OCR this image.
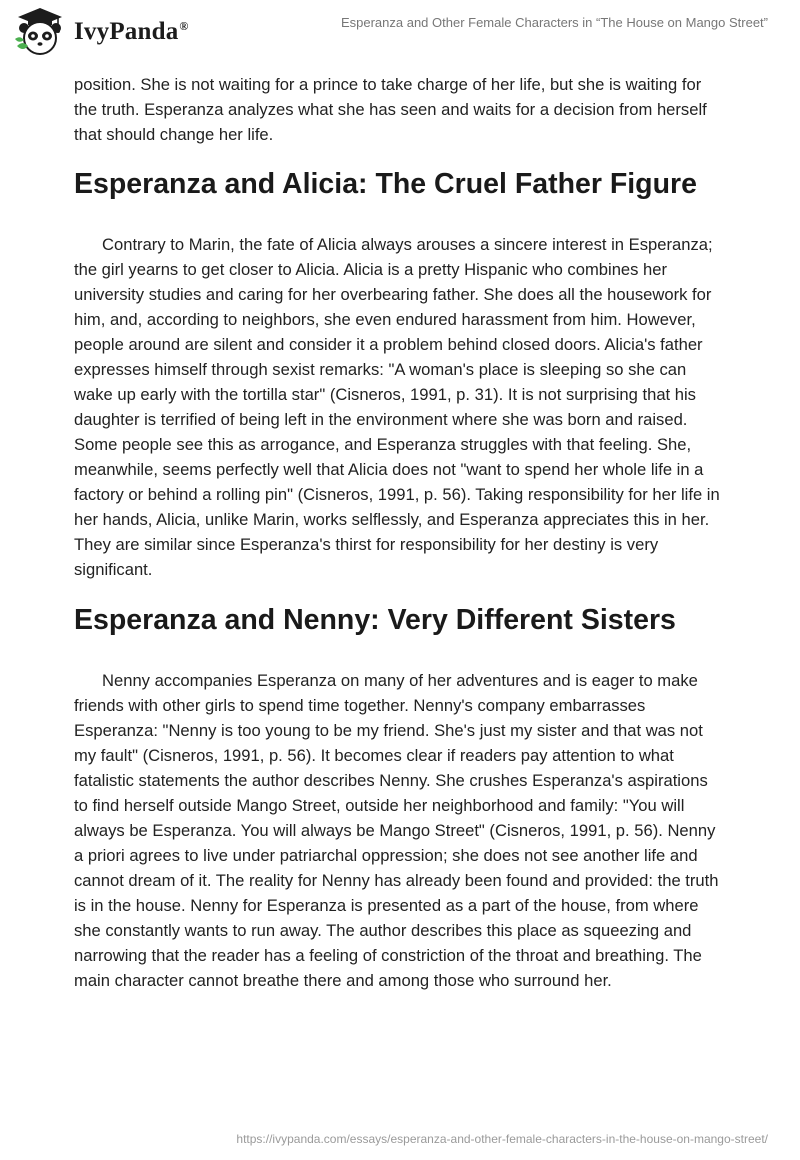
IvyPanda®	Esperanza and Other Female Characters in “The House on Mango Street”

position. She is not waiting for a prince to take charge of her life, but she is waiting for the truth. Esperanza analyzes what she has seen and waits for a decision from herself that should change her life.

Esperanza and Alicia: The Cruel Father Figure

Contrary to Marin, the fate of Alicia always arouses a sincere interest in Esperanza; the girl yearns to get closer to Alicia. Alicia is a pretty Hispanic who combines her university studies and caring for her overbearing father. She does all the housework for him, and, according to neighbors, she even endured harassment from him. However, people around are silent and consider it a problem behind closed doors. Alicia's father expresses himself through sexist remarks: "A woman's place is sleeping so she can wake up early with the tortilla star" (Cisneros, 1991, p. 31). It is not surprising that his daughter is terrified of being left in the environment where she was born and raised. Some people see this as arrogance, and Esperanza struggles with that feeling. She, meanwhile, seems perfectly well that Alicia does not "want to spend her whole life in a factory or behind a rolling pin" (Cisneros, 1991, p. 56). Taking responsibility for her life in her hands, Alicia, unlike Marin, works selflessly, and Esperanza appreciates this in her. They are similar since Esperanza's thirst for responsibility for her destiny is very significant.

Esperanza and Nenny: Very Different Sisters

Nenny accompanies Esperanza on many of her adventures and is eager to make friends with other girls to spend time together. Nenny's company embarrasses Esperanza: "Nenny is too young to be my friend. She's just my sister and that was not my fault" (Cisneros, 1991, p. 56). It becomes clear if readers pay attention to what fatalistic statements the author describes Nenny. She crushes Esperanza's aspirations to find herself outside Mango Street, outside her neighborhood and family: "You will always be Esperanza. You will always be Mango Street" (Cisneros, 1991, p. 56). Nenny a priori agrees to live under patriarchal oppression; she does not see another life and cannot dream of it. The reality for Nenny has already been found and provided: the truth is in the house. Nenny for Esperanza is presented as a part of the house, from where she constantly wants to run away. The author describes this place as squeezing and narrowing that the reader has a feeling of constriction of the throat and breathing. The main character cannot breathe there and among those who surround her.

https://ivypanda.com/essays/esperanza-and-other-female-characters-in-the-house-on-mango-street/
